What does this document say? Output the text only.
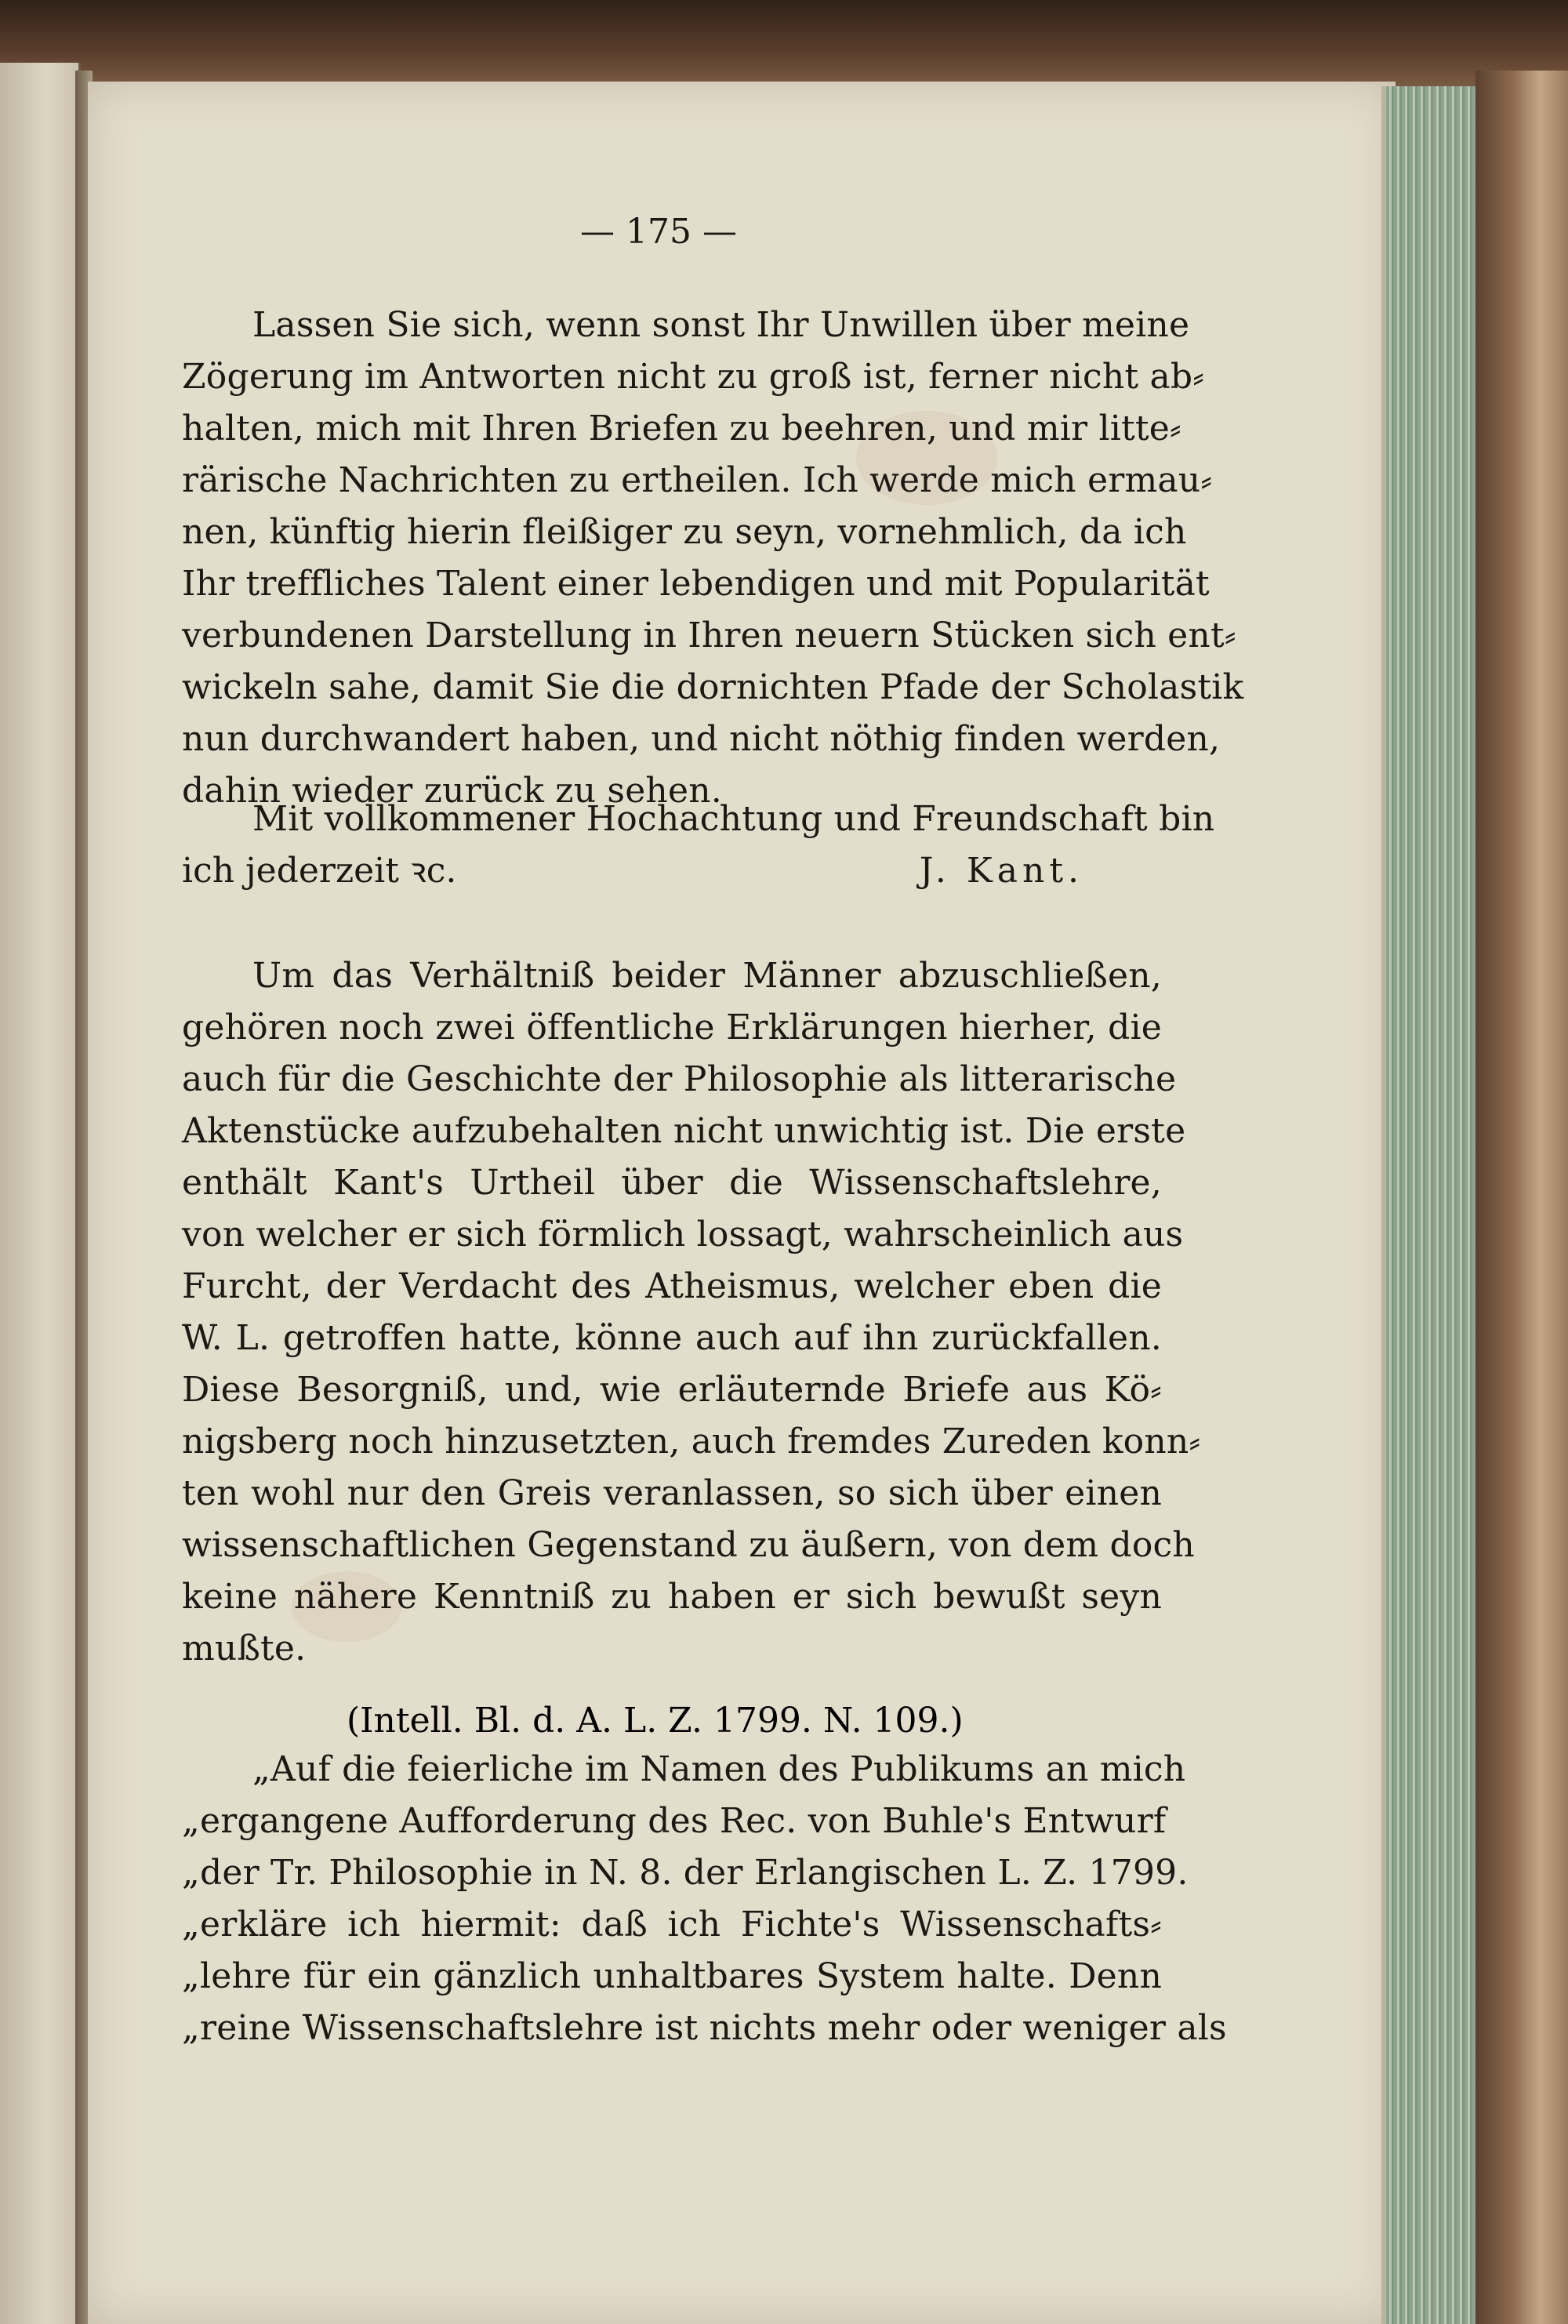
— 175 —
Lassen Sie sich, wenn sonst Ihr Unwillen über meine
Zögerung im Antworten nicht zu groß ist, ferner nicht ab⸗
halten, mich mit Ihren Briefen zu beehren, und mir litte⸗
rärische Nachrichten zu ertheilen. Ich werde mich ermau⸗
nen, künftig hierin fleißiger zu seyn, vornehmlich, da ich
Ihr treffliches Talent einer lebendigen und mit Popularität
verbundenen Darstellung in Ihren neuern Stücken sich ent⸗
wickeln sahe, damit Sie die dornichten Pfade der Scholastik
nun durchwandert haben, und nicht nöthig finden werden,
dahin wieder zurück zu sehen.
Mit vollkommener Hochachtung und Freundschaft bin
ich jederzeit ꝛc.	J. Kant.
Um das Verhältniß beider Männer abzuschließen,
gehören noch zwei öffentliche Erklärungen hierher, die
auch für die Geschichte der Philosophie als litterarische
Aktenstücke aufzubehalten nicht unwichtig ist. Die erste
enthält Kant's Urtheil über die Wissenschaftslehre,
von welcher er sich förmlich lossagt, wahrscheinlich aus
Furcht, der Verdacht des Atheismus, welcher eben die
W. L. getroffen hatte, könne auch auf ihn zurückfallen.
Diese Besorgniß, und, wie erläuternde Briefe aus Kö⸗
nigsberg noch hinzusetzten, auch fremdes Zureden konn⸗
ten wohl nur den Greis veranlassen, so sich über einen
wissenschaftlichen Gegenstand zu äußern, von dem doch
keine nähere Kenntniß zu haben er sich bewußt seyn
mußte.
(Intell. Bl. d. A. L. Z. 1799. N. 109.)
„Auf die feierliche im Namen des Publikums an mich
„ergangene Aufforderung des Rec. von Buhle's Entwurf
„der Tr. Philosophie in N. 8. der Erlangischen L. Z. 1799.
„erkläre ich hiermit: daß ich Fichte's Wissenschafts⸗
„lehre für ein gänzlich unhaltbares System halte. Denn
„reine Wissenschaftslehre ist nichts mehr oder weniger als
